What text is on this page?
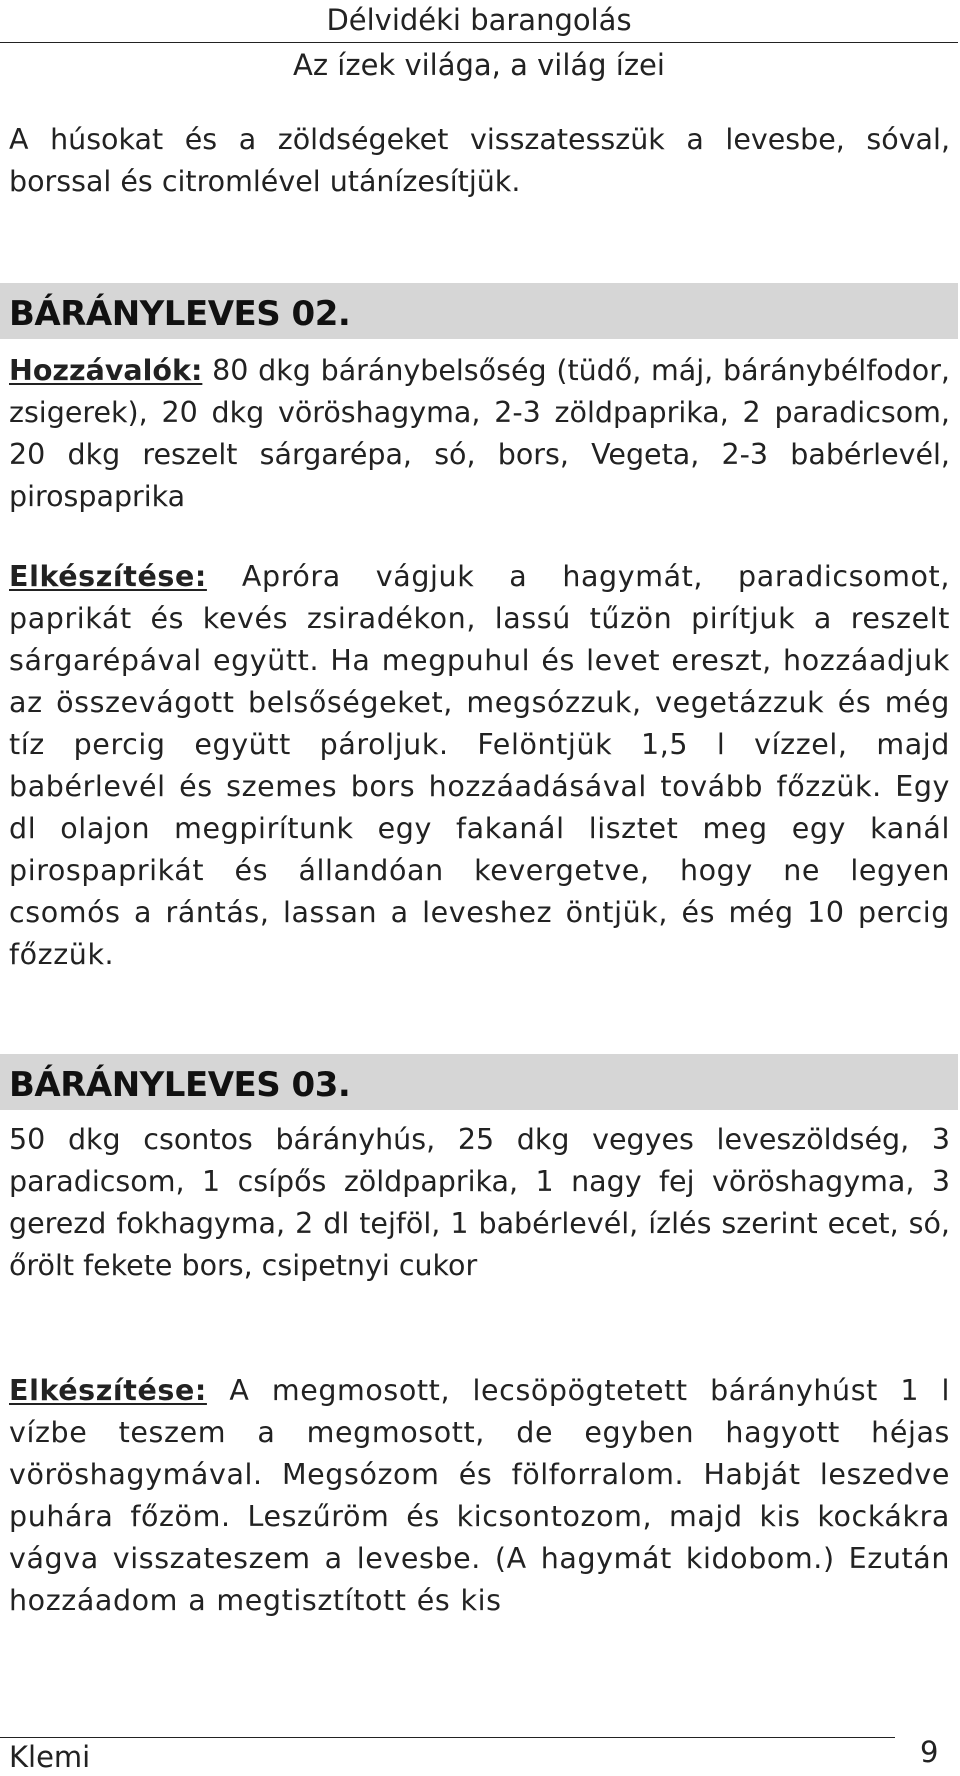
Délvidéki barangolás
Az ízek világa, a világ ízei

A húsokat és a zöldségeket visszatesszük a levesbe, sóval, borssal és citromlével utánízesítjük.

BÁRÁNYLEVES 02.

Hozzávalók: 80 dkg báránybelsőség (tüdő, máj, báránybélfodor, zsigerek), 20 dkg vöröshagyma, 2-3 zöldpaprika, 2 paradicsom, 20 dkg reszelt sárgarépa, só, bors, Vegeta, 2-3 babérlevél, pirospaprika

Elkészítése: Apróra vágjuk a hagymát, paradicsomot, paprikát és kevés zsiradékon, lassú tűzön pirítjuk a reszelt sárgarépával együtt. Ha megpuhul és levet ereszt, hozzáadjuk az összevágott belsőségeket, megsózzuk, vegetázzuk és még tíz percig együtt pároljuk. Felöntjük 1,5 l vízzel, majd babérlevél és szemes bors hozzáadásával tovább főzzük. Egy dl olajon megpirítunk egy fakanál lisztet meg egy kanál pirospaprikát és állandóan kevergetve, hogy ne legyen csomós a rántás, lassan a leveshez öntjük, és még 10 percig főzzük.

BÁRÁNYLEVES 03.

50 dkg csontos bárányhús, 25 dkg vegyes leveszöldség, 3 paradicsom, 1 csípős zöldpaprika, 1 nagy fej vöröshagyma, 3 gerezd fokhagyma, 2 dl tejföl, 1 babérlevél, ízlés szerint ecet, só, őrölt fekete bors, csipetnyi cukor

Elkészítése: A megmosott, lecsöpögtetett bárányhúst 1 l vízbe teszem a megmosott, de egyben hagyott héjas vöröshagymával. Megsózom és fölforralom. Habját leszedve puhára főzöm. Leszűröm és kicsontozom, majd kis kockákra vágva visszateszem a levesbe. (A hagymát kidobom.) Ezután hozzáadom a megtisztított és kis

Klemi	9
